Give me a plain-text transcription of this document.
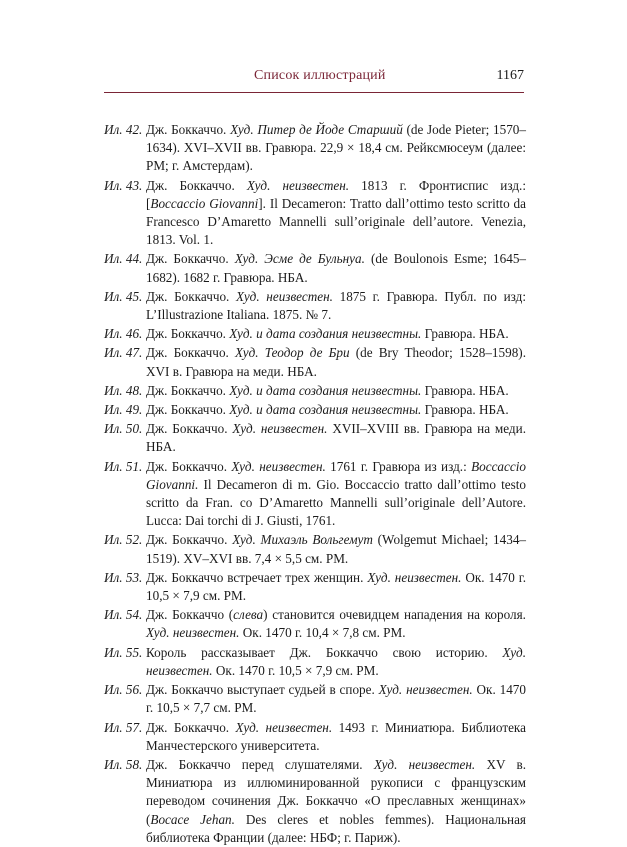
Список иллюстраций	1167
Ил. 42. Дж. Боккаччо. Худ. Питер де Йоде Старший (de Jode Pieter; 1570–1634). XVI–XVII вв. Гравюра. 22,9 × 18,4 см. Рейксмюсеум (далее: РМ; г. Амстердам).
Ил. 43. Дж. Боккаччо. Худ. неизвестен. 1813 г. Фронтиспис изд.: [Boccaccio Giovanni]. Il Decameron: Tratto dall’ottimo testo scritto da Francesco D’Amaretto Mannelli sull’originale dell’autore. Venezia, 1813. Vol. 1.
Ил. 44. Дж. Боккаччо. Худ. Эсме де Бульнуа. (de Boulonois Esme; 1645–1682). 1682 г. Гравюра. НБА.
Ил. 45. Дж. Боккаччо. Худ. неизвестен. 1875 г. Гравюра. Публ. по изд: L’Illustrazione Italiana. 1875. № 7.
Ил. 46. Дж. Боккаччо. Худ. и дата создания неизвестны. Гравюра. НБА.
Ил. 47. Дж. Боккаччо. Худ. Теодор де Бри (de Bry Theodor; 1528–1598). XVI в. Гравюра на меди. НБА.
Ил. 48. Дж. Боккаччо. Худ. и дата создания неизвестны. Гравюра. НБА.
Ил. 49. Дж. Боккаччо. Худ. и дата создания неизвестны. Гравюра. НБА.
Ил. 50. Дж. Боккаччо. Худ. неизвестен. XVII–XVIII вв. Гравюра на меди. НБА.
Ил. 51. Дж. Боккаччо. Худ. неизвестен. 1761 г. Гравюра из изд.: Boccaccio Giovanni. Il Decameron di m. Gio. Boccaccio tratto dall’ottimo testo scritto da Fran. co D’Amaretto Mannelli sull’originale dell’Autore. Lucca: Dai torchi di J. Giusti, 1761.
Ил. 52. Дж. Боккаччо. Худ. Михаэль Вольгемут (Wolgemut Michael; 1434–1519). XV–XVI вв. 7,4 × 5,5 см. РМ.
Ил. 53. Дж. Боккаччо встречает трех женщин. Худ. неизвестен. Ок. 1470 г. 10,5 × 7,9 см. РМ.
Ил. 54. Дж. Боккаччо (слева) становится очевидцем нападения на короля. Худ. неизвестен. Ок. 1470 г. 10,4 × 7,8 см. РМ.
Ил. 55. Король рассказывает Дж. Боккаччо свою историю. Худ. неизвестен. Ок. 1470 г. 10,5 × 7,9 см. РМ.
Ил. 56. Дж. Боккаччо выступает судьей в споре. Худ. неизвестен. Ок. 1470 г. 10,5 × 7,7 см. РМ.
Ил. 57. Дж. Боккаччо. Худ. неизвестен. 1493 г. Миниатюра. Библиотека Манчестерского университета.
Ил. 58. Дж. Боккаччо перед слушателями. Худ. неизвестен. XV в. Миниатюра из иллюминированной рукописи с французским переводом сочинения Дж. Боккаччо «О преславных женщинах» (Bocace Jehan. Des cleres et nobles femmes). Национальная библиотека Франции (далее: НБФ; г. Париж).
